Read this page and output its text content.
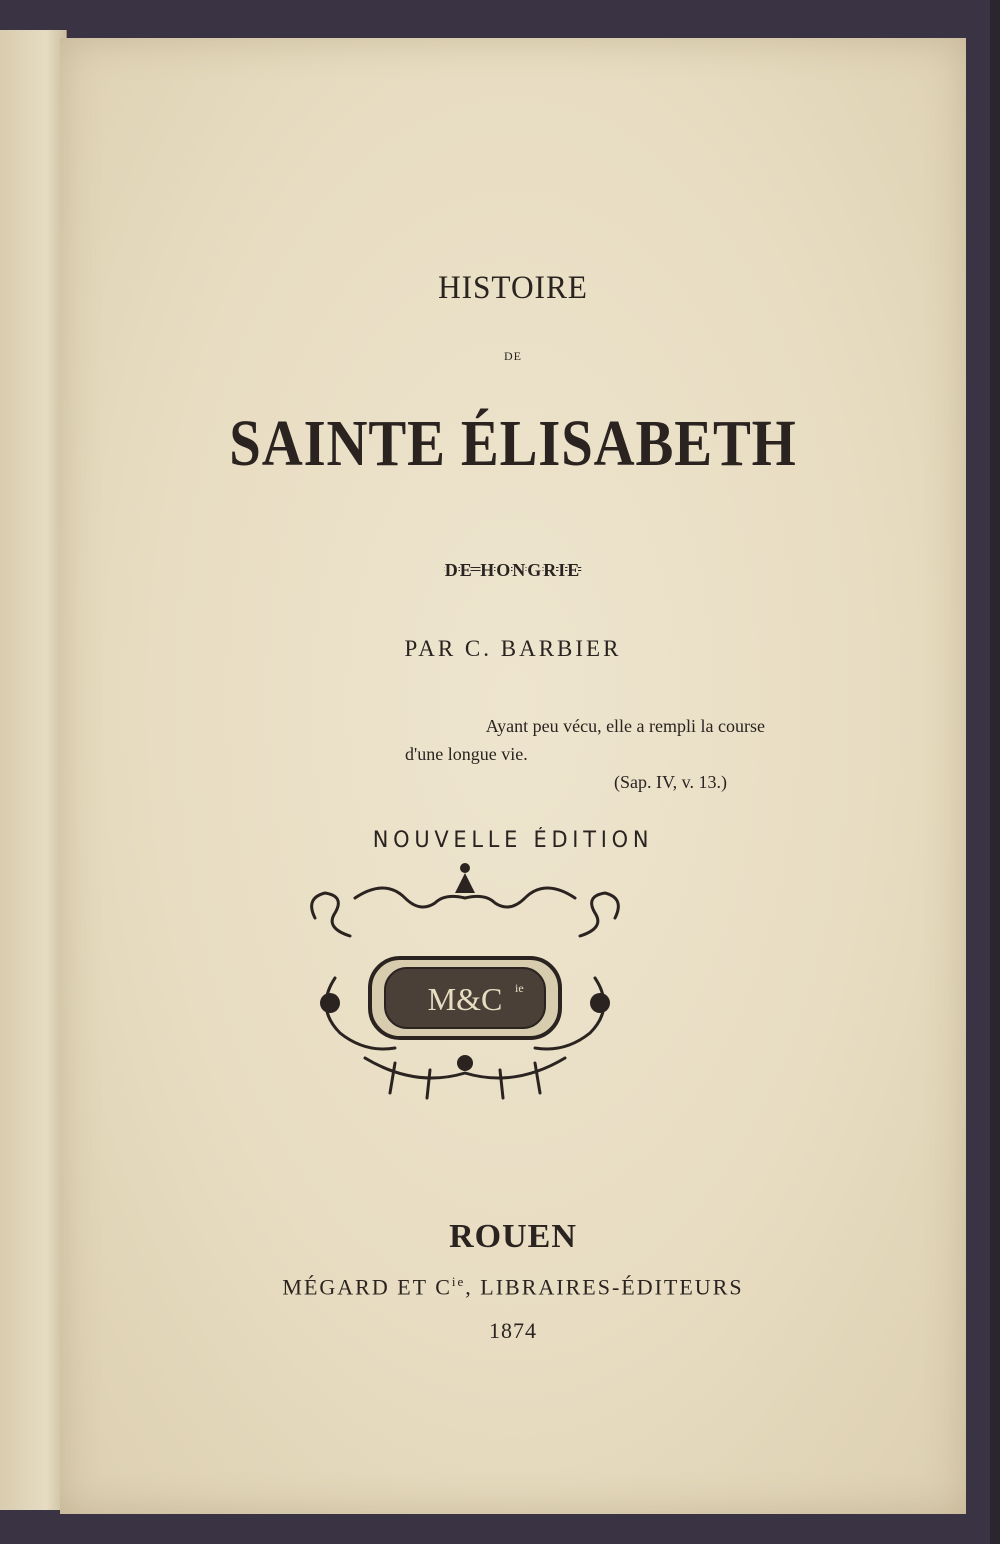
HISTOIRE
DE
SAINTE ÉLISABETH
DE HONGRIE
PAR C. BARBIER
Ayant peu vécu, elle a rempli la course
d'une longue vie.
(Sap. IV, v. 13.)
NOUVELLE ÉDITION
M&C ie
ROUEN
MÉGARD ET $C^{ie}$, LIBRAIRES-ÉDITEURS
1874
